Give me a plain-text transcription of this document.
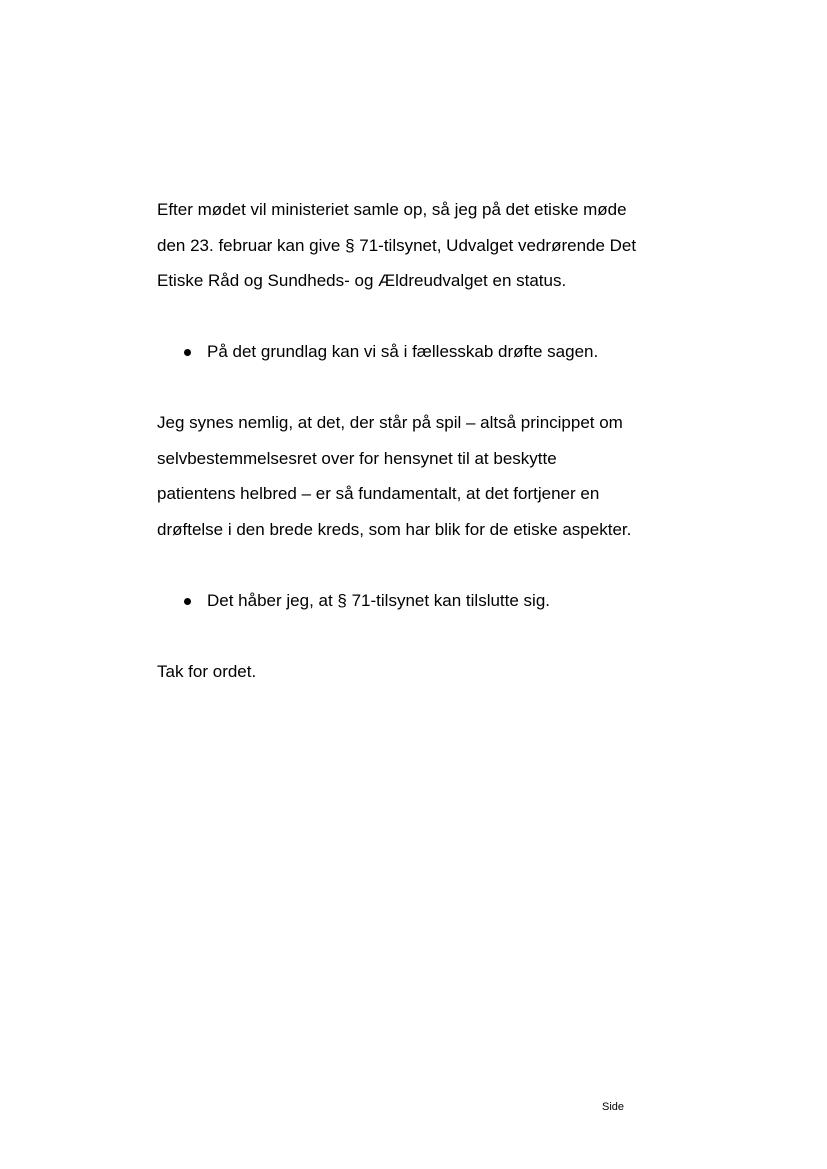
Efter mødet vil ministeriet samle op, så jeg på det etiske møde
den 23. februar kan give § 71-tilsynet, Udvalget vedrørende Det
Etiske Råd og Sundheds- og Ældreudvalget en status.

På det grundlag kan vi så i fællesskab drøfte sagen.

Jeg synes nemlig, at det, der står på spil – altså princippet om
selvbestemmelsesret over for hensynet til at beskytte
patientens helbred – er så fundamentalt, at det fortjener en
drøftelse i den brede kreds, som har blik for de etiske aspekter.

Det håber jeg, at § 71-tilsynet kan tilslutte sig.

Tak for ordet.

Side
